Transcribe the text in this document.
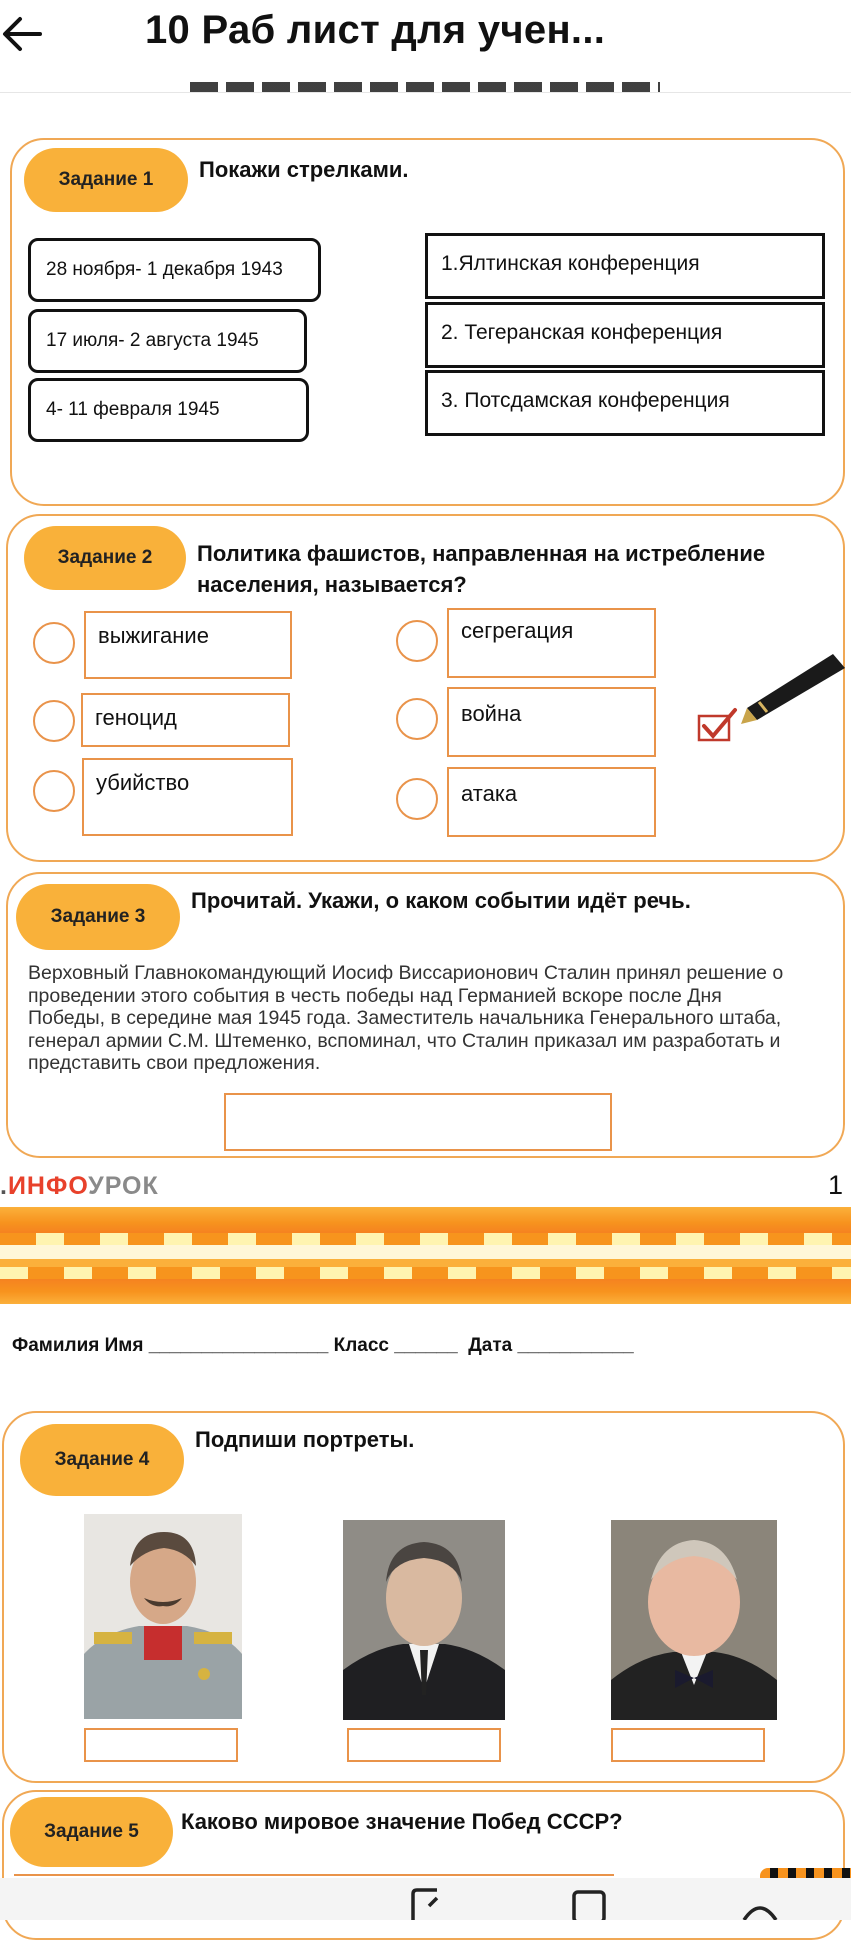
10 Раб лист для учен...
Задание 1	Покажи стрелками.
28 ноября- 1 декабря 1943
17 июля- 2 августа 1945
4- 11 февраля 1945
1.Ялтинская конференция
2. Тегеранская конференция
3. Потсдамская конференция
Задание 2	Политика фашистов, направленная на истребление
населения, называется?
выжигание
геноцид
убийство
сегрегация
война
атака
Задание 3
Прочитай. Укажи, о каком событии идёт речь.
Верховный Главнокомандующий Иосиф Виссарионович Сталин принял решение о
проведении этого события в честь победы над Германией вскоре после Дня
Победы, в середине мая 1945 года. Заместитель начальника Генерального штаба,
генерал армии С.М. Штеменко, вспоминал, что Сталин приказал им разработать и
представить свои предложения.
.ИНФОУРОК	1
Фамилия Имя _________________ Класс ______  Дата ___________
Задание 4
Подпиши портреты.
Задание 5	Каково мировое значение Побед СССР?
